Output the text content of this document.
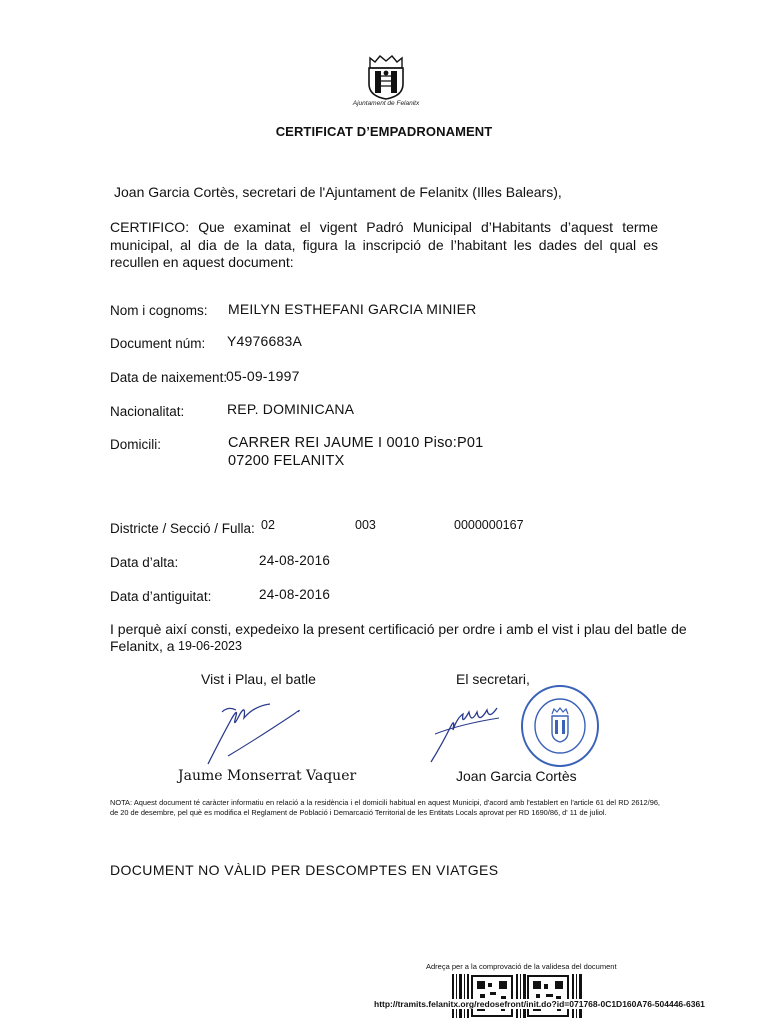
Ajuntament de Felanitx
CERTIFICAT D’EMPADRONAMENT
Joan Garcia Cortès, secretari de l'Ajuntament de Felanitx (Illes Balears),
CERTIFICO: Que examinat el vigent Padró Municipal d’Habitants d’aquest terme municipal, al dia de la data, figura la inscripció de l’habitant les dades del qual es recullen en aquest document:
Nom i cognoms: MEILYN ESTHEFANI GARCIA MINIER
Document núm: Y4976683A
Data de naixement:
05-09-1997
Nacionalitat:	REP. DOMINICANA
Domicili:	CARRER REI JAUME I 0010 Piso:P01
07200 FELANITX
Districte / Secció / Fulla: 02	003	0000000167
Data d’alta:	24-08-2016
Data d’antiguitat:	24-08-2016
I perquè així consti, expedeixo la present certificació per ordre i amb el vist i plau del batle de
Felanitx, a 19-06-2023
Vist i Plau, el batle
Jaume Monserrat Vaquer
El secretari,
Joan Garcia Cortès
NOTA: Aquest document té caràcter informatiu en relació a la residència i el domicili habitual en aquest Municipi, d'acord amb l'establert en l'article 61 del RD 2612/96, de 20 de desembre, pel què es modifica el Reglament de Població i Demarcació Territorial de les Entitats Locals aprovat per RD 1690/86, d' 11 de juliol.
DOCUMENT NO VÀLID PER DESCOMPTES EN VIATGES
Adreça per a la comprovació de la validesa del document
http://tramits.felanitx.org/redosefront/init.do?id=071768-0C1D160A76-504446-6361
